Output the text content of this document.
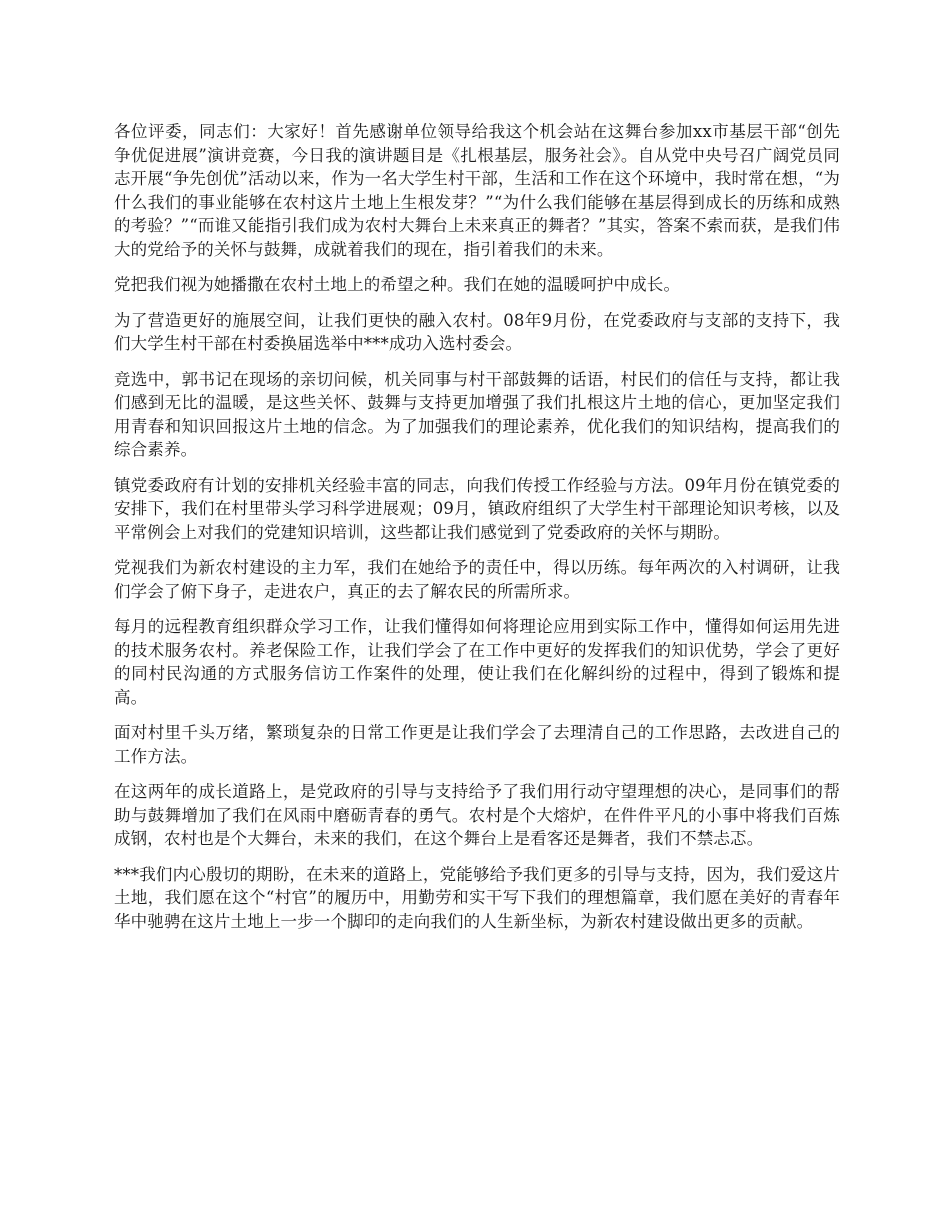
各位评委，同志们：大家好！首先感谢单位领导给我这个机会站在这舞台参加xx市基层干部“创先争优促进展”演讲竞赛，今日我的演讲题目是《扎根基层，服务社会》。自从党中央号召广阔党员同志开展“争先创优”活动以来，作为一名大学生村干部，生活和工作在这个环境中，我时常在想，“为什么我们的事业能够在农村这片土地上生根发芽？”“为什么我们能够在基层得到成长的历练和成熟的考验？”“而谁又能指引我们成为农村大舞台上未来真正的舞者？”其实，答案不索而获，是我们伟大的党给予的关怀与鼓舞，成就着我们的现在，指引着我们的未来。

党把我们视为她播撒在农村土地上的希望之种。我们在她的温暖呵护中成长。

为了营造更好的施展空间，让我们更快的融入农村。08年9月份，在党委政府与支部的支持下，我们大学生村干部在村委换届选举中***成功入选村委会。

竞选中，郭书记在现场的亲切问候，机关同事与村干部鼓舞的话语，村民们的信任与支持，都让我们感到无比的温暖，是这些关怀、鼓舞与支持更加增强了我们扎根这片土地的信心，更加坚定我们用青春和知识回报这片土地的信念。为了加强我们的理论素养，优化我们的知识结构，提高我们的综合素养。

镇党委政府有计划的安排机关经验丰富的同志，向我们传授工作经验与方法。09年月份在镇党委的安排下，我们在村里带头学习科学进展观；09月，镇政府组织了大学生村干部理论知识考核，以及平常例会上对我们的党建知识培训，这些都让我们感觉到了党委政府的关怀与期盼。

党视我们为新农村建设的主力军，我们在她给予的责任中，得以历练。每年两次的入村调研，让我们学会了俯下身子，走进农户，真正的去了解农民的所需所求。

每月的远程教育组织群众学习工作，让我们懂得如何将理论应用到实际工作中，懂得如何运用先进的技术服务农村。养老保险工作，让我们学会了在工作中更好的发挥我们的知识优势，学会了更好的同村民沟通的方式服务信访工作案件的处理，使让我们在化解纠纷的过程中，得到了锻炼和提高。

面对村里千头万绪，繁琐复杂的日常工作更是让我们学会了去理清自己的工作思路，去改进自己的工作方法。

在这两年的成长道路上，是党政府的引导与支持给予了我们用行动守望理想的决心，是同事们的帮助与鼓舞增加了我们在风雨中磨砺青春的勇气。农村是个大熔炉，在件件平凡的小事中将我们百炼成钢，农村也是个大舞台，未来的我们，在这个舞台上是看客还是舞者，我们不禁忐忑。

***我们内心殷切的期盼，在未来的道路上，党能够给予我们更多的引导与支持，因为，我们爱这片土地，我们愿在这个“村官”的履历中，用勤劳和实干写下我们的理想篇章，我们愿在美好的青春年华中驰骋在这片土地上一步一个脚印的走向我们的人生新坐标，为新农村建设做出更多的贡献。
